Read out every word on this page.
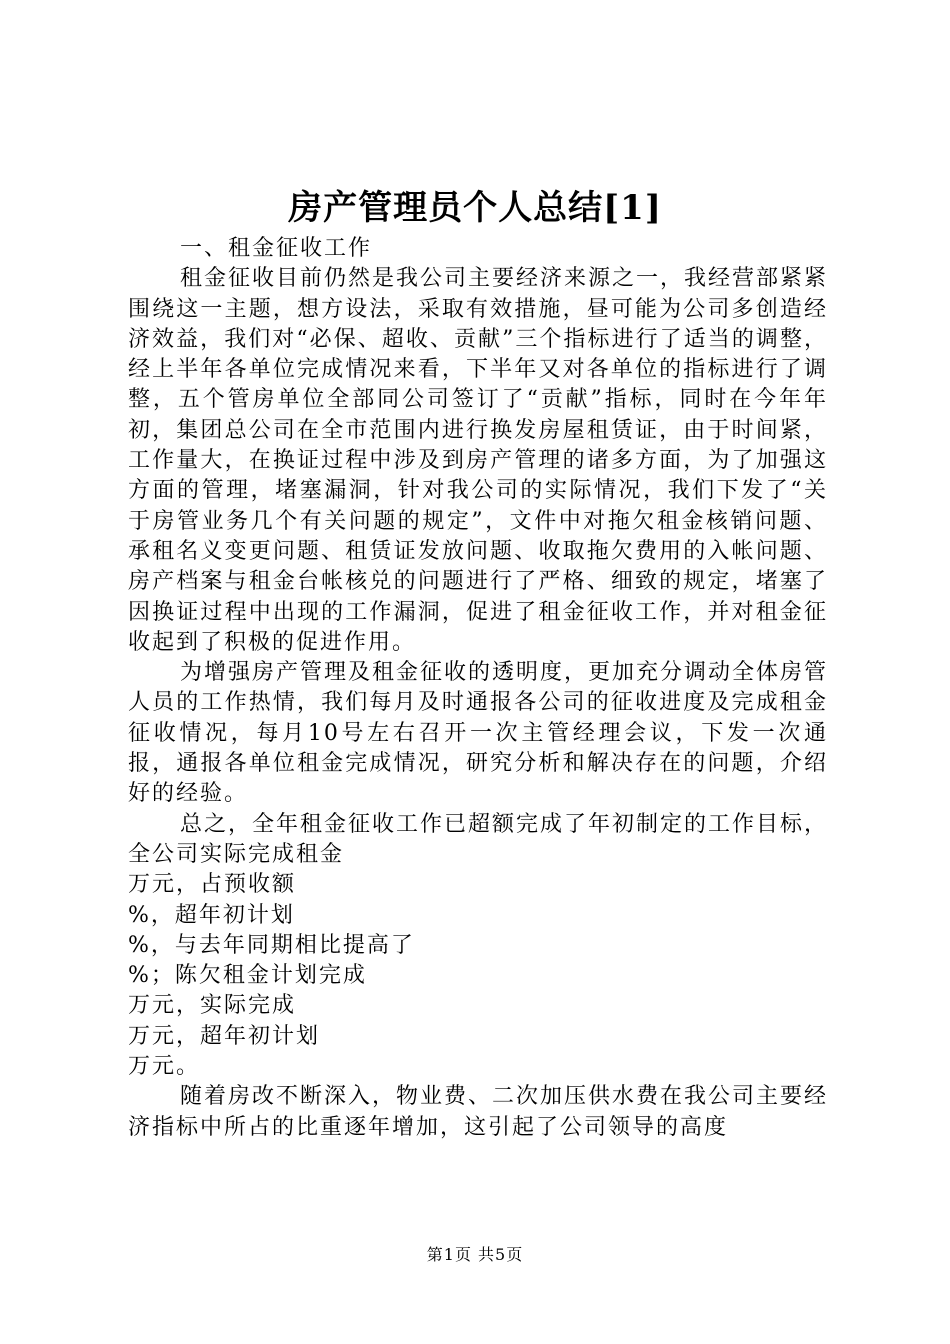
房产管理员个人总结[1]

一、租金征收工作

租金征收目前仍然是我公司主要经济来源之一，我经营部紧紧围绕这一主题，想方设法，采取有效措施，昼可能为公司多创造经济效益，我们对“必保、超收、贡献”三个指标进行了适当的调整，经上半年各单位完成情况来看，下半年又对各单位的指标进行了调整，五个管房单位全部同公司签订了“贡献”指标，同时在今年年初，集团总公司在全市范围内进行换发房屋租赁证，由于时间紧，工作量大，在换证过程中涉及到房产管理的诸多方面，为了加强这方面的管理，堵塞漏洞，针对我公司的实际情况，我们下发了“关于房管业务几个有关问题的规定”，文件中对拖欠租金核销问题、承租名义变更问题、租赁证发放问题、收取拖欠费用的入帐问题、房产档案与租金台帐核兑的问题进行了严格、细致的规定，堵塞了因换证过程中出现的工作漏洞，促进了租金征收工作，并对租金征收起到了积极的促进作用。

为增强房产管理及租金征收的透明度，更加充分调动全体房管人员的工作热情，我们每月及时通报各公司的征收进度及完成租金征收情况，每月10号左右召开一次主管经理会议，下发一次通报，通报各单位租金完成情况，研究分析和解决存在的问题，介绍好的经验。

总之，全年租金征收工作已超额完成了年初制定的工作目标，全公司实际完成租金

万元，占预收额

%，超年初计划

%，与去年同期相比提高了

%；陈欠租金计划完成

万元，实际完成

万元，超年初计划

万元。

随着房改不断深入，物业费、二次加压供水费在我公司主要经济指标中所占的比重逐年增加，这引起了公司领导的高度

第1页 共5页
